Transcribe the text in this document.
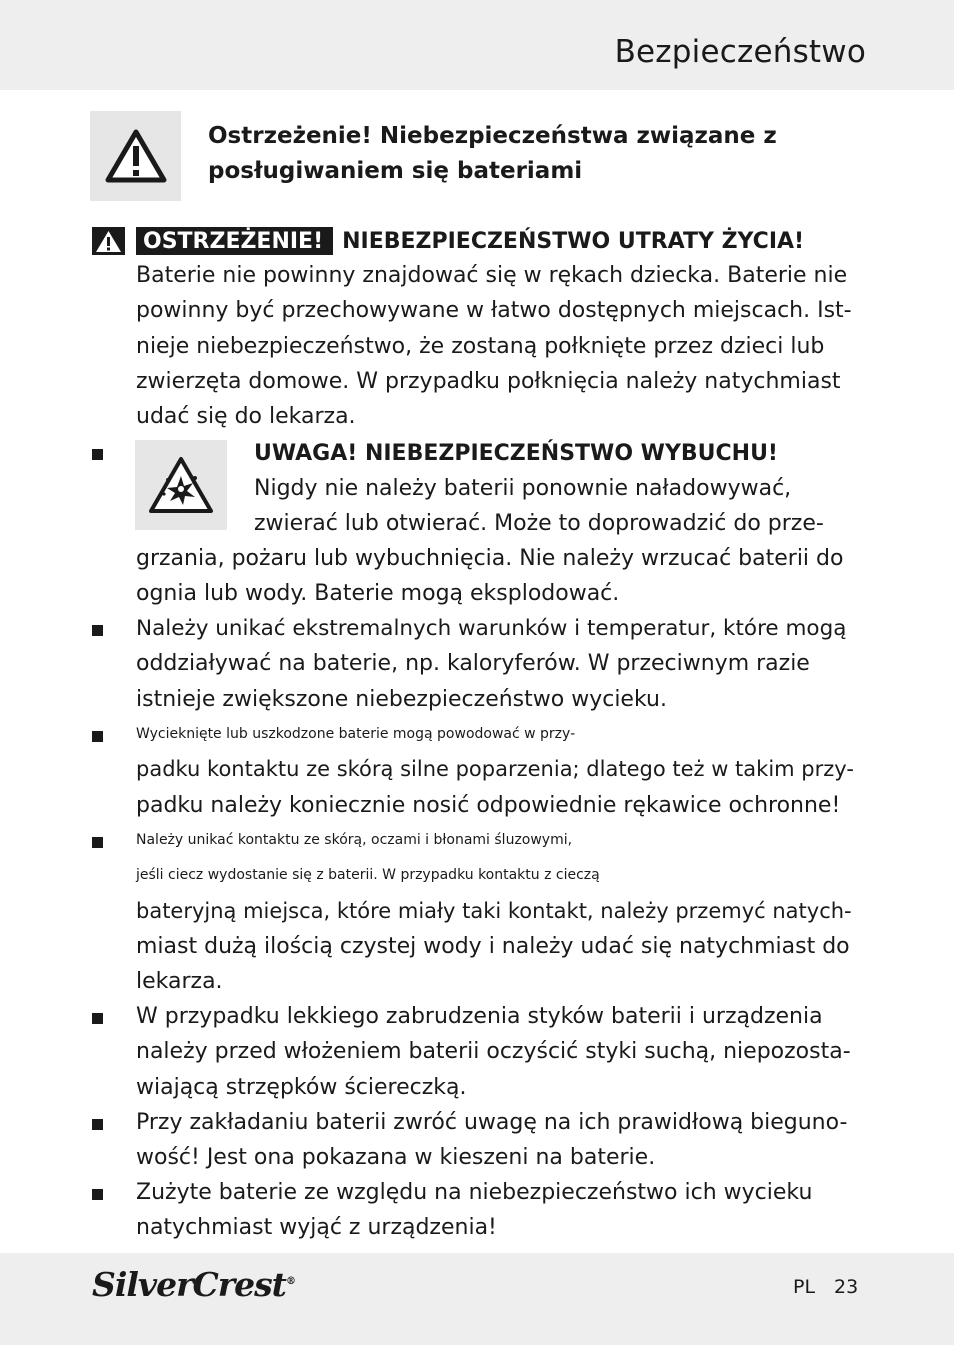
Bezpieczeństwo
Ostrzeżenie! Niebezpieczeństwa związane z
posługiwaniem się bateriami
OSTRZEŻENIE! NIEBEZPIECZEŃSTWO UTRATY ŻYCIA!
Baterie nie powinny znajdować się w rękach dziecka. Baterie nie
powinny być przechowywane w łatwo dostępnych miejscach. Ist-
nieje niebezpieczeństwo, że zostaną połknięte przez dzieci lub
zwierzęta domowe. W przypadku połknięcia należy natychmiast
udać się do lekarza.
UWAGA! NIEBEZPIECZEŃSTWO WYBUCHU!
Nigdy nie należy baterii ponownie naładowywać,
zwierać lub otwierać. Może to doprowadzić do prze-
grzania, pożaru lub wybuchnięcia. Nie należy wrzucać baterii do
ognia lub wody. Baterie mogą eksplodować.
Należy unikać ekstremalnych warunków i temperatur, które mogą
oddziaływać na baterie, np. kaloryferów. W przeciwnym razie
istnieje zwiększone niebezpieczeństwo wycieku.
Wycieknięte lub uszkodzone baterie mogą powodować w przy-
padku kontaktu ze skórą silne poparzenia; dlatego też w takim przy-
padku należy koniecznie nosić odpowiednie rękawice ochronne!
Należy unikać kontaktu ze skórą, oczami i błonami śluzowymi,
jeśli ciecz wydostanie się z baterii. W przypadku kontaktu z cieczą
bateryjną miejsca, które miały taki kontakt, należy przemyć natych-
miast dużą ilością czystej wody i należy udać się natychmiast do
lekarza.
W przypadku lekkiego zabrudzenia styków baterii i urządzenia
należy przed włożeniem baterii oczyścić styki suchą, niepozosta-
wiającą strzępków ściereczką.
Przy zakładaniu baterii zwróć uwagę na ich prawidłową bieguno-
wość! Jest ona pokazana w kieszeni na baterie.
Zużyte baterie ze względu na niebezpieczeństwo ich wycieku
natychmiast wyjąć z urządzenia!
SilverCrest®	PL 23
